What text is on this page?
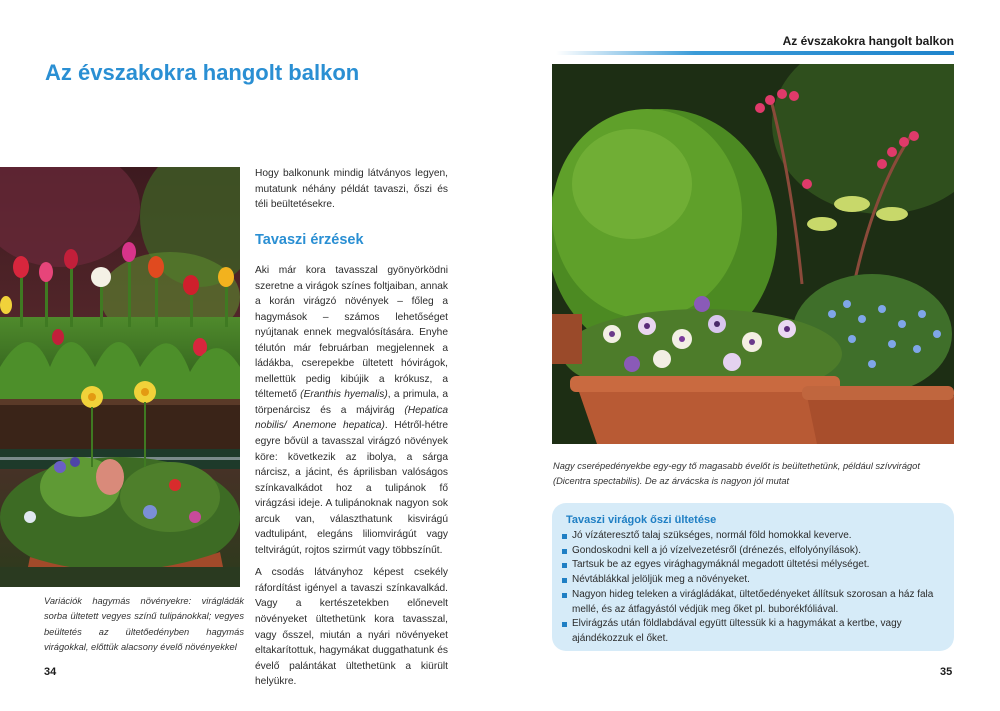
Az évszakokra hangolt balkon
Az évszakokra hangolt balkon
Variációk hagymás növényekre: virágládák sorba ültetett vegyes színű tulipánokkal; vegyes beültetés az ültetőedényben hagymás virágokkal, előttük alacsony évelő növényekkel

Hogy balkonunk mindig látványos legyen, mutatunk néhány példát tavaszi, őszi és téli beültetésekre.

Tavaszi érzések

Aki már kora tavasszal gyönyörködni szeretne a virágok színes foltjaiban, annak a korán virágzó növények – főleg a hagymások – számos lehetőséget nyújtanak ennek megvalósítására. Enyhe télutón már februárban megjelennek a ládákba, cserepekbe ültetett hóvirágok, mellettük pedig kibújik a krókusz, a téltemető (Eranthis hyemalis), a primula, a törpenárcisz és a májvirág (Hepatica nobilis/ Anemone hepatica). Hétről-hétre egyre bővül a tavasszal virágzó növények köre: következik az ibolya, a sárga nárcisz, a jácint, és áprilisban valóságos színkavalkádot hoz a tulipánok fő virágzási ideje. A tulipánoknak nagyon sok arcuk van, választhatunk kisvirágú vadtulipánt, elegáns liliomvirágút vagy teltvirágút, rojtos szirmút vagy többszínűt.

A csodás látványhoz képest csekély ráfordítást igényel a tavaszi színkavalkád. Vagy a kertészetekben előnevelt növényeket ültethetünk kora tavasszal, vagy ősszel, miután a nyári növényeket eltakarítottuk, hagymákat duggathatunk és évelő palántákat ültethetünk a kiürült helyükre.

34
Nagy cserépedényekbe egy-egy tő magasabb évelőt is beültethetünk, például szívvirágot (Dicentra spectabilis). De az árvácska is nagyon jól mutat
Tavaszi virágok őszi ültetése
Jó vízáteresztő talaj szükséges, normál föld homokkal keverve.
Gondoskodni kell a jó vízelvezetésről (drénezés, elfolyónyílások).
Tartsuk be az egyes virághagymáknál megadott ültetési mélységet.
Névtáblákkal jelöljük meg a növényeket.
Nagyon hideg teleken a virágládákat, ültetőedényeket állítsuk szorosan a ház fala mellé, és az átfagyástól védjük meg őket pl. buborékfóliával.
Elvirágzás után földlabdával együtt ültessük ki a hagymákat a kertbe, vagy ajándékozzuk el őket.
35
